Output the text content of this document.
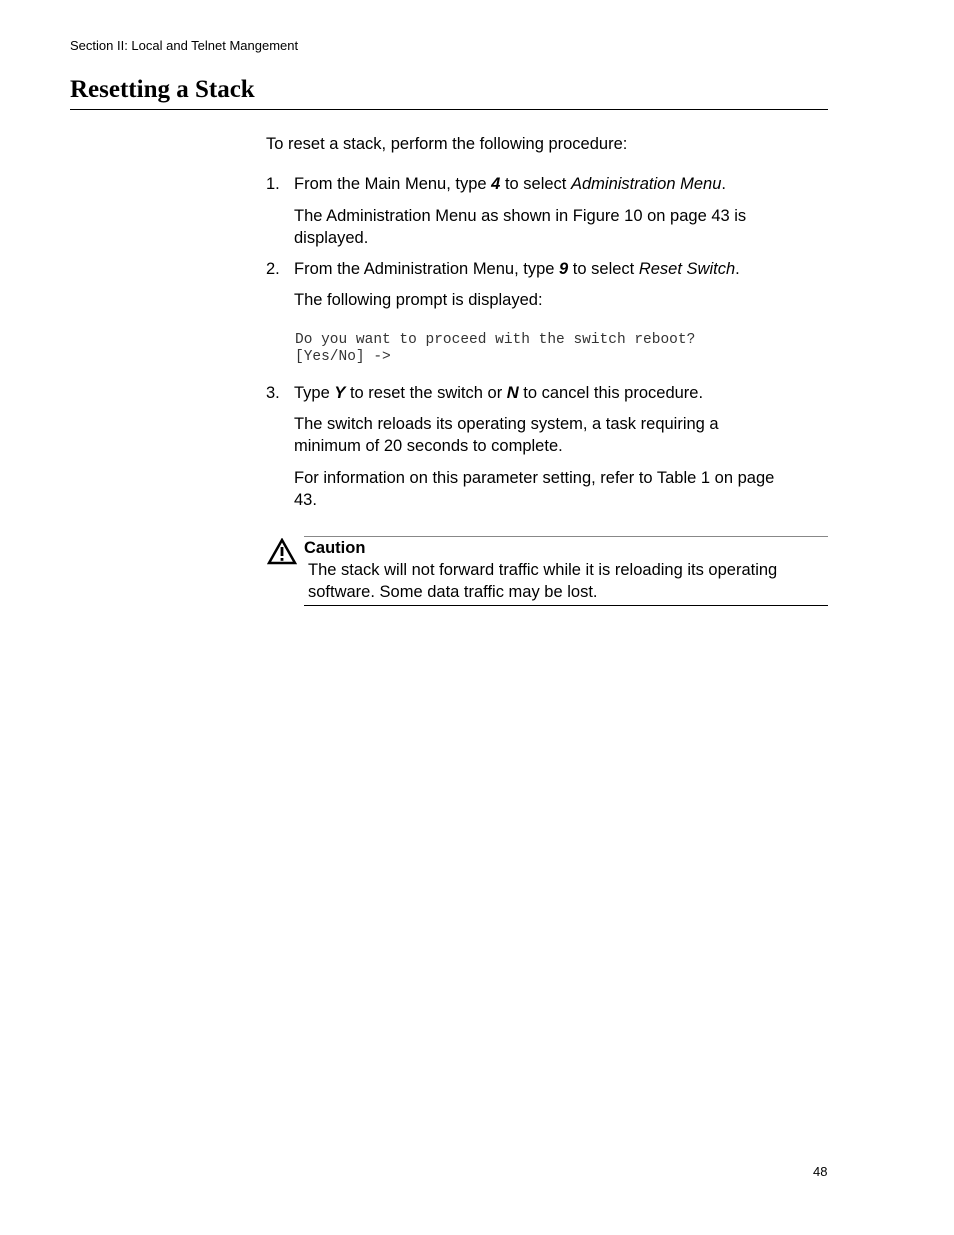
Section II: Local and Telnet Mangement
Resetting a Stack
To reset a stack, perform the following procedure:
1. From the Main Menu, type 4 to select Administration Menu.
The Administration Menu as shown in Figure 10 on page 43 is displayed.
2. From the Administration Menu, type 9 to select Reset Switch.
The following prompt is displayed:
Do you want to proceed with the switch reboot?
[Yes/No] ->
3. Type Y to reset the switch or N to cancel this procedure.
The switch reloads its operating system, a task requiring a minimum of 20 seconds to complete.
For information on this parameter setting, refer to Table 1 on page 43.
Caution
The stack will not forward traffic while it is reloading its operating software. Some data traffic may be lost.
48
